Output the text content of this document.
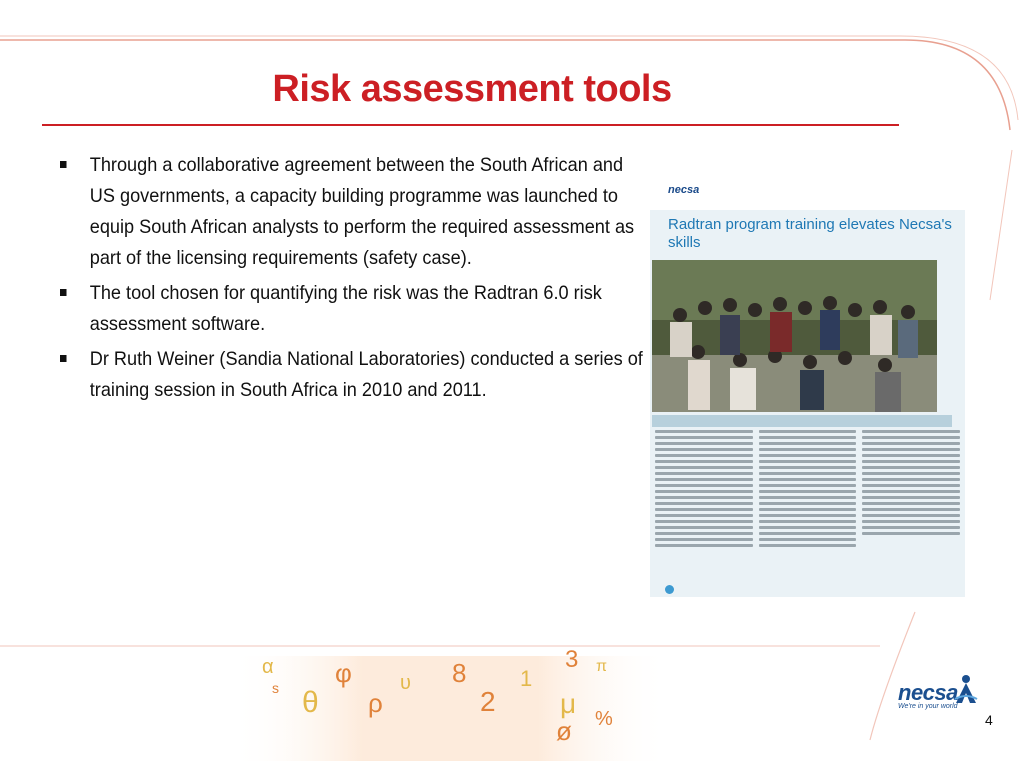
Risk assessment tools
Through a collaborative agreement between the South African and US governments, a capacity building programme was launched to equip South African analysts to perform the required assessment as part of the licensing requirements (safety case).
The tool chosen for quantifying the risk was the Radtran 6.0 risk assessment software.
Dr Ruth Weiner (Sandia National Laboratories) conducted a series of training session in South Africa in 2010 and 2011.
necsa
Radtran program training elevates Necsa's skills
φ
θ ρ
υ 8	3 π
μ
ø %
α
s	2
1
necsa
We're in your world
4
